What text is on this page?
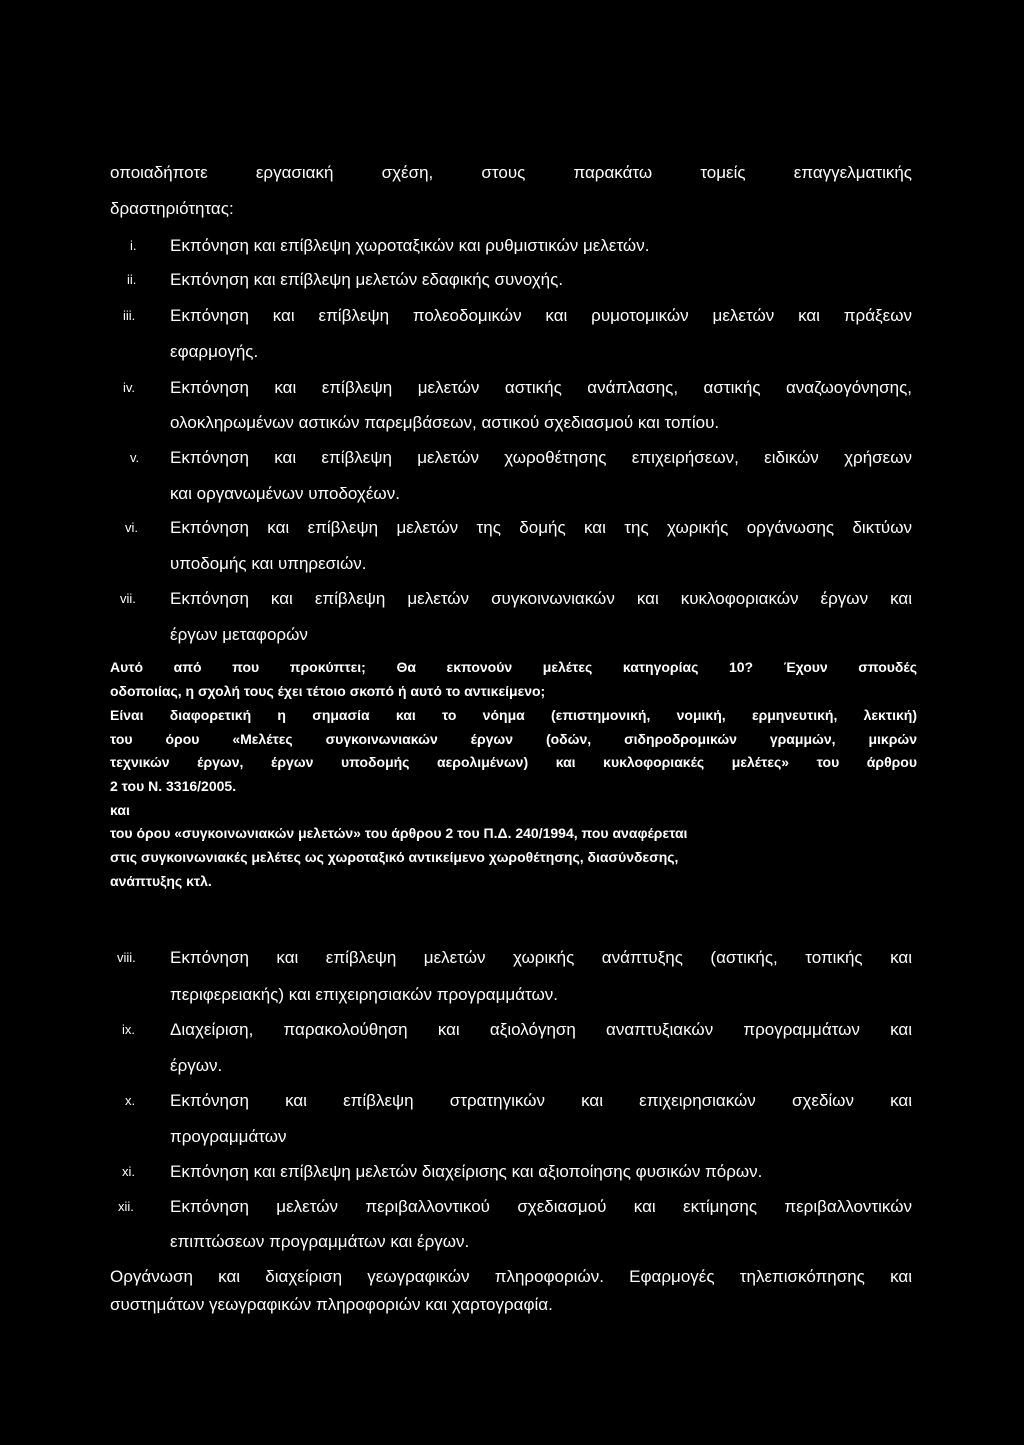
οποιαδήποτε εργασιακή σχέση, στους παρακάτω τομείς επαγγελματικής
δραστηριότητας:
i. Εκπόνηση και επίβλεψη χωροταξικών και ρυθμιστικών μελετών.
ii. Εκπόνηση και επίβλεψη μελετών εδαφικής συνοχής.
iii. Εκπόνηση και επίβλεψη πολεοδομικών και ρυμοτομικών μελετών και πράξεων
εφαρμογής.
iv. Εκπόνηση και επίβλεψη μελετών αστικής ανάπλασης, αστικής αναζωογόνησης,
ολοκληρωμένων αστικών παρεμβάσεων, αστικού σχεδιασμού και τοπίου.
v. Εκπόνηση και επίβλεψη μελετών χωροθέτησης επιχειρήσεων, ειδικών χρήσεων
και οργανωμένων υποδοχέων.
vi. Εκπόνηση και επίβλεψη μελετών της δομής και της χωρικής οργάνωσης δικτύων
υποδομής και υπηρεσιών.
vii. Εκπόνηση και επίβλεψη μελετών συγκοινωνιακών και κυκλοφοριακών έργων και
έργων μεταφορών
Αυτό από που προκύπτει; Θα εκπονούν μελέτες κατηγορίας 10? Έχουν σπουδές
οδοποιίας, η σχολή τους έχει τέτοιο σκοπό ή αυτό το αντικείμενο;
Είναι διαφορετική η σημασία και το νόημα (επιστημονική, νομική, ερμηνευτική, λεκτική)
του όρου «Μελέτες συγκοινωνιακών έργων (οδών, σιδηροδρομικών γραμμών, μικρών
τεχνικών έργων, έργων υποδομής αερολιμένων) και κυκλοφοριακές μελέτες» του άρθρου
2 του Ν. 3316/2005.
και
του όρου «συγκοινωνιακών μελετών» του άρθρου 2 του Π.Δ. 240/1994, που αναφέρεται
στις συγκοινωνιακές μελέτες ως χωροταξικό αντικείμενο χωροθέτησης, διασύνδεσης,
ανάπτυξης κτλ.
viii. Εκπόνηση και επίβλεψη μελετών χωρικής ανάπτυξης (αστικής, τοπικής και
περιφερειακής) και επιχειρησιακών προγραμμάτων.
ix. Διαχείριση, παρακολούθηση και αξιολόγηση αναπτυξιακών προγραμμάτων και
έργων.
x. Εκπόνηση και επίβλεψη στρατηγικών και επιχειρησιακών σχεδίων και
προγραμμάτων
xi. Εκπόνηση και επίβλεψη μελετών διαχείρισης και αξιοποίησης φυσικών πόρων.
xii. Εκπόνηση μελετών περιβαλλοντικού σχεδιασμού και εκτίμησης περιβαλλοντικών
επιπτώσεων προγραμμάτων και έργων.
Οργάνωση και διαχείριση γεωγραφικών πληροφοριών. Εφαρμογές τηλεπισκόπησης και
συστημάτων γεωγραφικών πληροφοριών και χαρτογραφία.
